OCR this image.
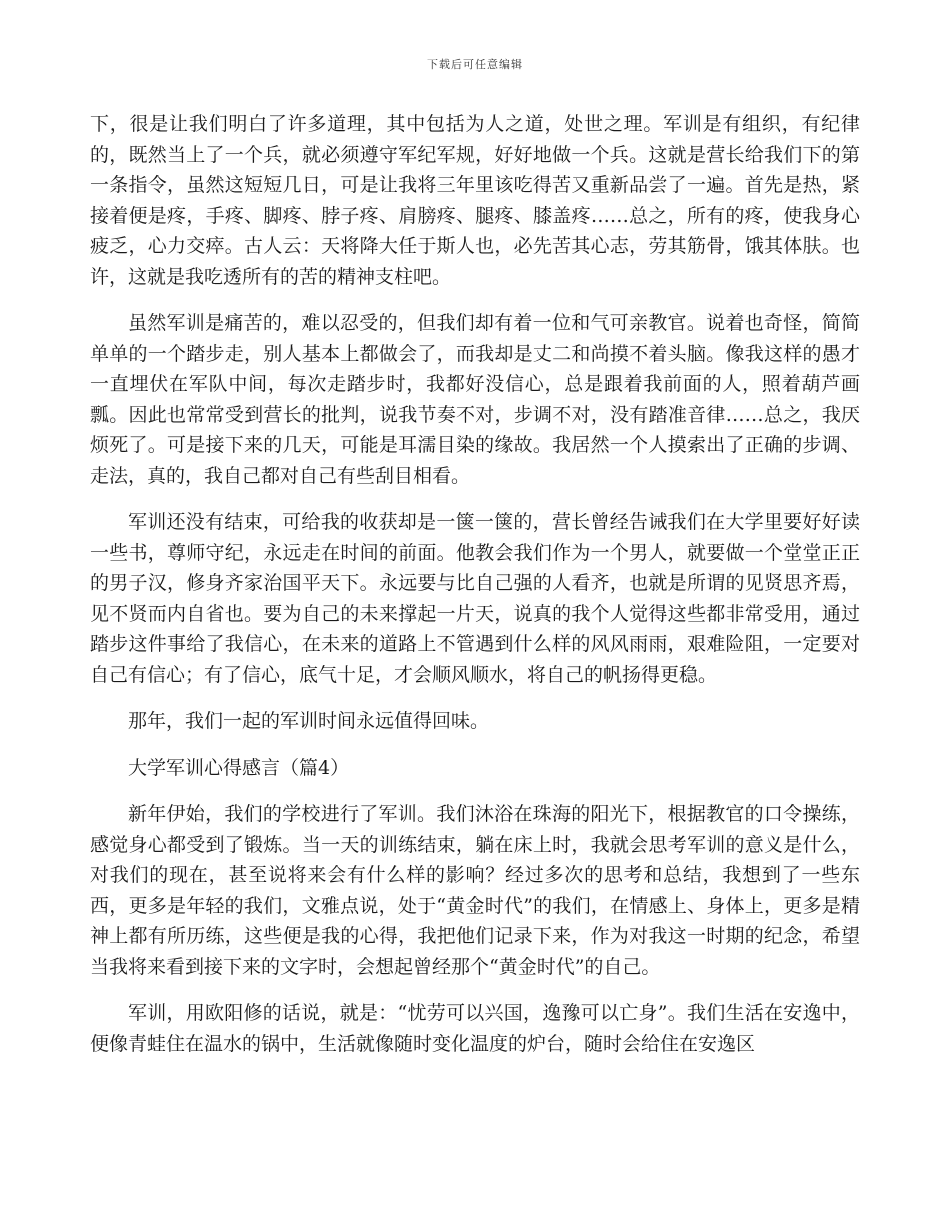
下载后可任意编辑

下，很是让我们明白了许多道理，其中包括为人之道，处世之理。军训是有组织，有纪律的，既然当上了一个兵，就必须遵守军纪军规，好好地做一个兵。这就是营长给我们下的第一条指令，虽然这短短几日，可是让我将三年里该吃得苦又重新品尝了一遍。首先是热，紧接着便是疼，手疼、脚疼、脖子疼、肩膀疼、腿疼、膝盖疼……总之，所有的疼，使我身心疲乏，心力交瘁。古人云：天将降大任于斯人也，必先苦其心志，劳其筋骨，饿其体肤。也许，这就是我吃透所有的苦的精神支柱吧。

虽然军训是痛苦的，难以忍受的，但我们却有着一位和气可亲教官。说着也奇怪，简简单单的一个踏步走，别人基本上都做会了，而我却是丈二和尚摸不着头脑。像我这样的愚才一直埋伏在军队中间，每次走踏步时，我都好没信心，总是跟着我前面的人，照着葫芦画瓢。因此也常常受到营长的批判，说我节奏不对，步调不对，没有踏准音律……总之，我厌烦死了。可是接下来的几天，可能是耳濡目染的缘故。我居然一个人摸索出了正确的步调、走法，真的，我自己都对自己有些刮目相看。

军训还没有结束，可给我的收获却是一箧一箧的，营长曾经告诫我们在大学里要好好读一些书，尊师守纪，永远走在时间的前面。他教会我们作为一个男人，就要做一个堂堂正正的男子汉，修身齐家治国平天下。永远要与比自己强的人看齐，也就是所谓的见贤思齐焉，见不贤而内自省也。要为自己的未来撑起一片天，说真的我个人觉得这些都非常受用，通过踏步这件事给了我信心，在未来的道路上不管遇到什么样的风风雨雨，艰难险阻，一定要对自己有信心；有了信心，底气十足，才会顺风顺水，将自己的帆扬得更稳。

那年，我们一起的军训时间永远值得回味。

大学军训心得感言（篇4）

新年伊始，我们的学校进行了军训。我们沐浴在珠海的阳光下，根据教官的口令操练，感觉身心都受到了锻炼。当一天的训练结束，躺在床上时，我就会思考军训的意义是什么，对我们的现在，甚至说将来会有什么样的影响？经过多次的思考和总结，我想到了一些东西，更多是年轻的我们，文雅点说，处于“黄金时代”的我们，在情感上、身体上，更多是精神上都有所历练，这些便是我的心得，我把他们记录下来，作为对我这一时期的纪念，希望当我将来看到接下来的文字时，会想起曾经那个“黄金时代”的自己。

军训，用欧阳修的话说，就是：“忧劳可以兴国，逸豫可以亡身”。我们生活在安逸中，便像青蛙住在温水的锅中，生活就像随时变化温度的炉台，随时会给住在安逸区
